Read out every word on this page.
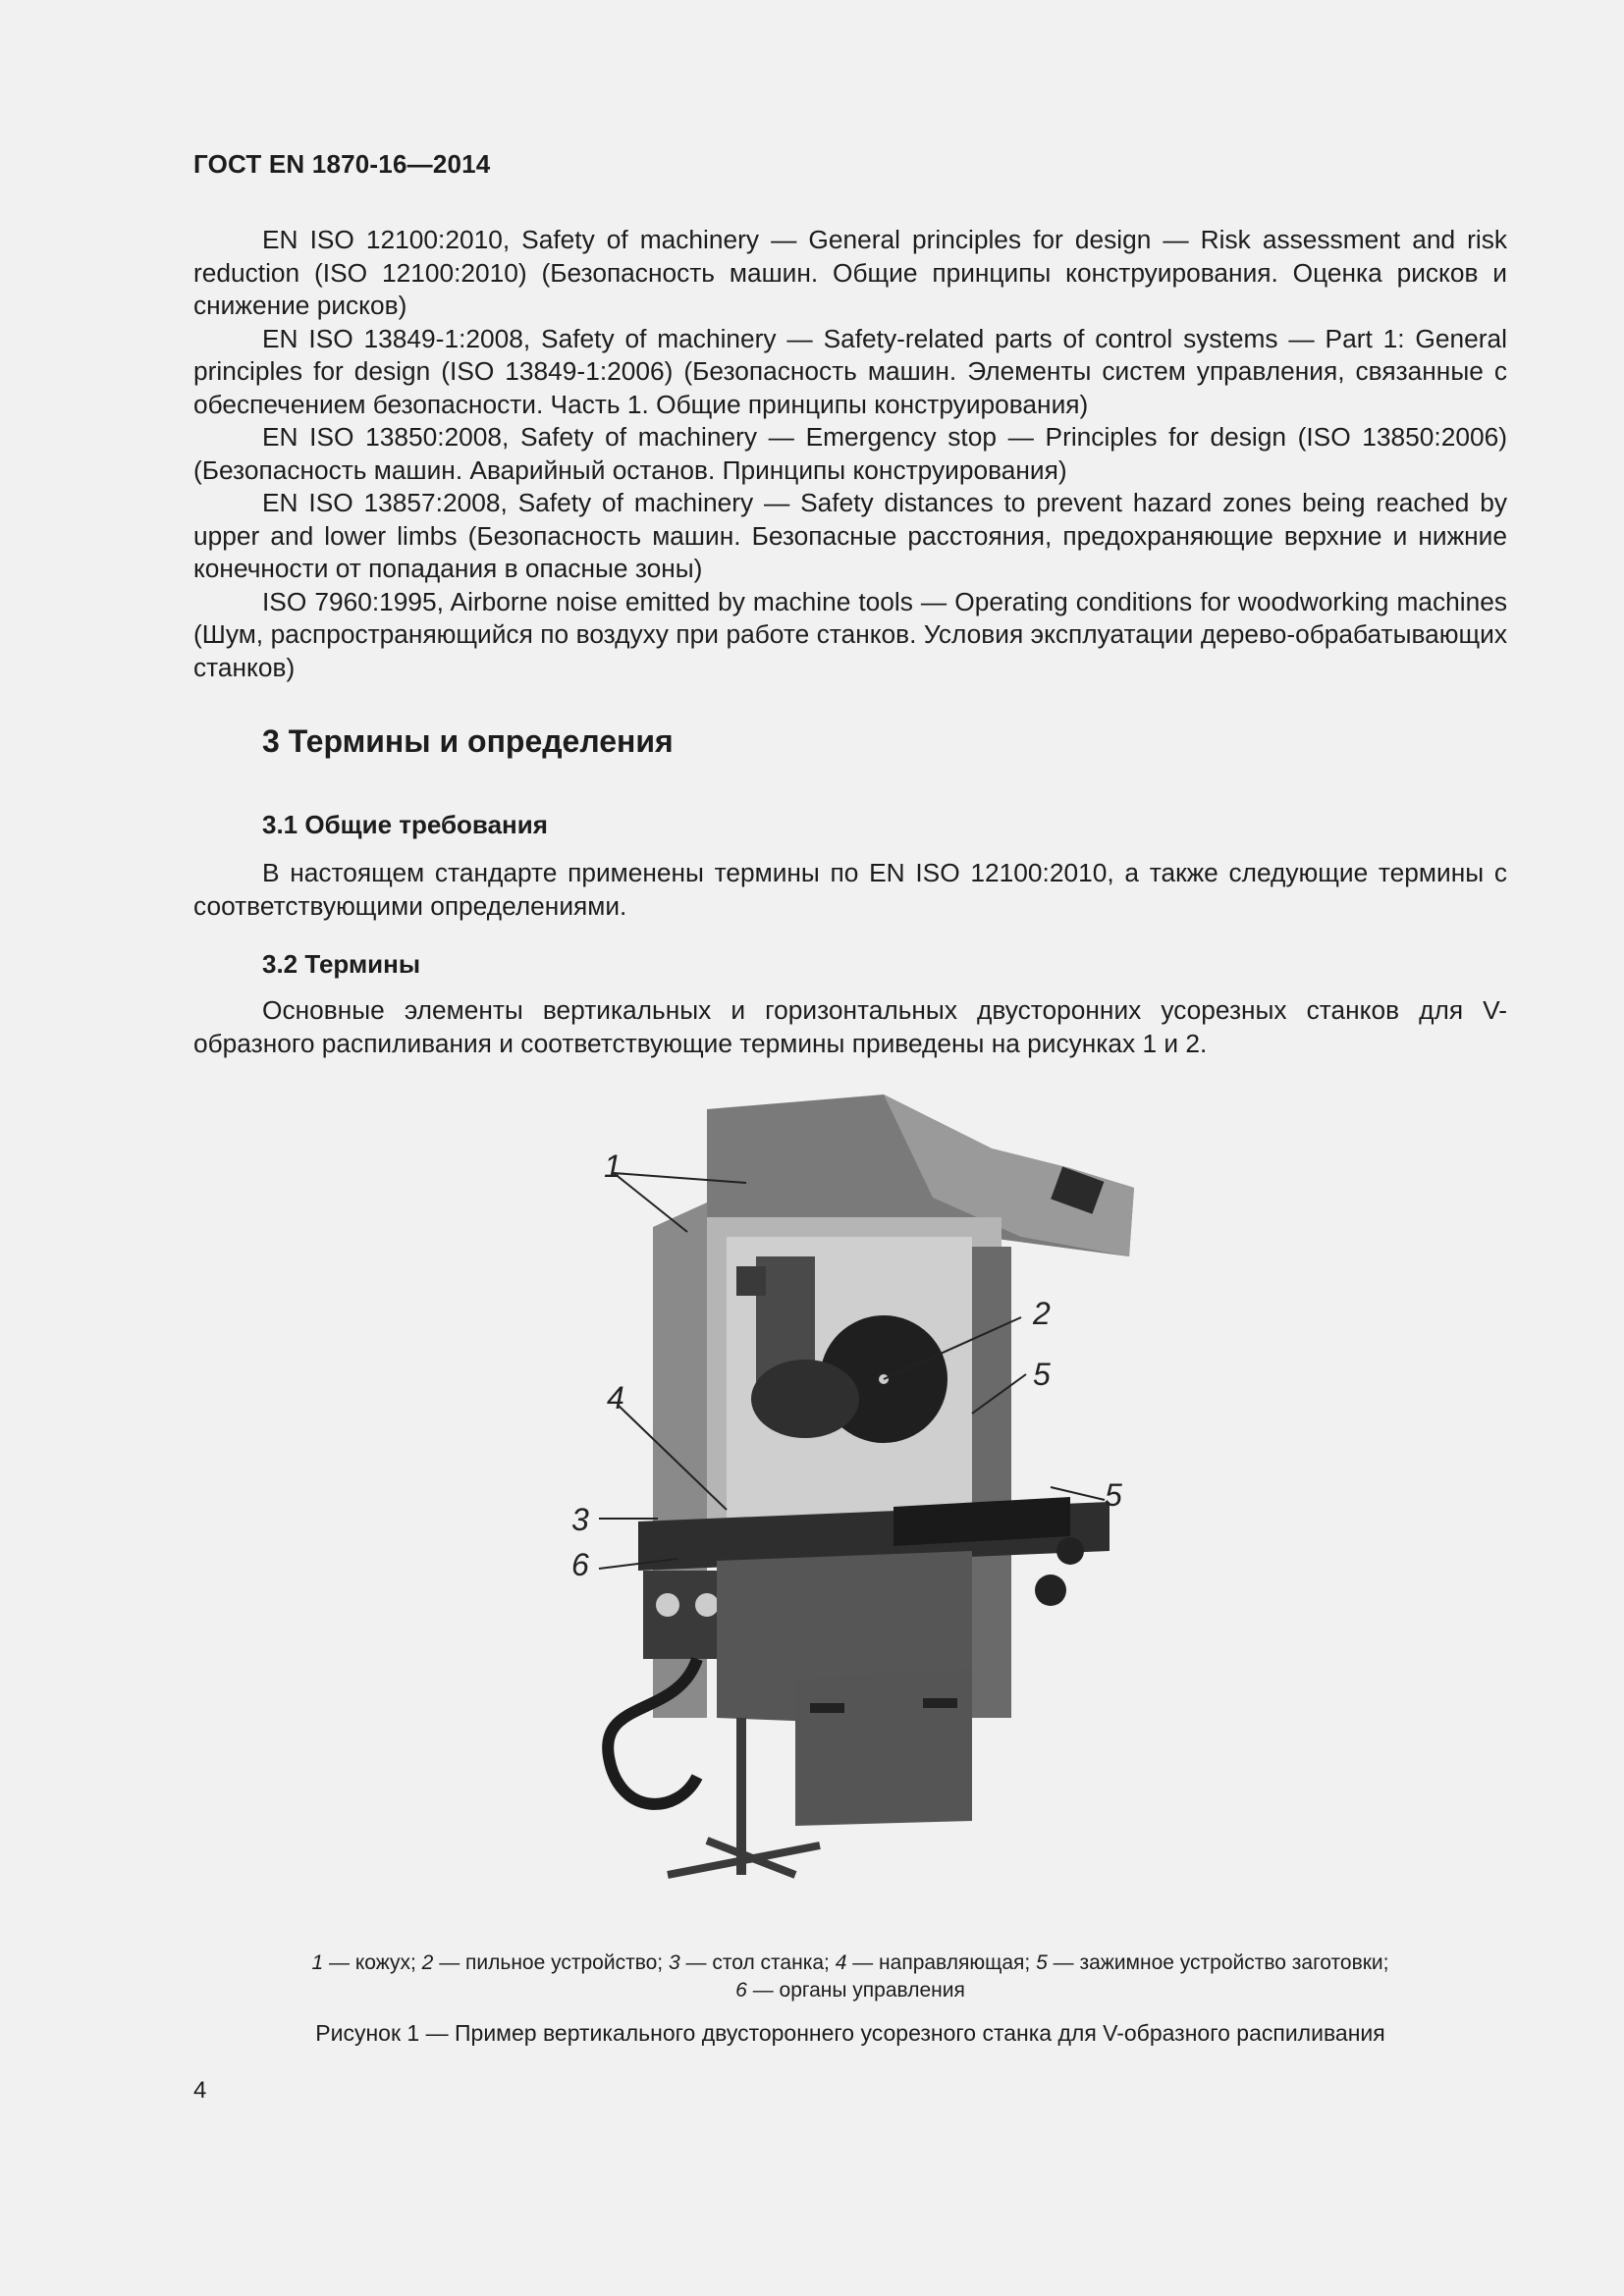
ГОСТ EN 1870-16—2014

EN ISO 12100:2010, Safety of machinery — General principles for design — Risk assessment and risk reduction (ISO 12100:2010) (Безопасность машин. Общие принципы конструирования. Оценка рисков и снижение рисков)

EN ISO 13849-1:2008, Safety of machinery — Safety-related parts of control systems — Part 1: General principles for design (ISO 13849-1:2006) (Безопасность машин. Элементы систем управления, связанные с обеспечением безопасности. Часть 1. Общие принципы конструирования)

EN ISO 13850:2008, Safety of machinery — Emergency stop — Principles for design (ISO 13850:2006) (Безопасность машин. Аварийный останов. Принципы конструирования)

EN ISO 13857:2008, Safety of machinery — Safety distances to prevent hazard zones being reached by upper and lower limbs (Безопасность машин. Безопасные расстояния, предохраняющие верхние и нижние конечности от попадания в опасные зоны)

ISO 7960:1995, Airborne noise emitted by machine tools — Operating conditions for woodworking machines (Шум, распространяющийся по воздуху при работе станков. Условия эксплуатации дерево-обрабатывающих станков)

3 Термины и определения
3.1 Общие требования

В настоящем стандарте применены термины по EN ISO 12100:2010, а также следующие термины с соответствующими определениями.

3.2 Термины

Основные элементы вертикальных и горизонтальных двусторонних усорезных станков для V-образного распиливания и соответствующие термины приведены на рисунках 1 и 2.

1
2
5
4
3
6
5
1 — кожух; 2 — пильное устройство; 3 — стол станка; 4 — направляющая; 5 — зажимное устройство заготовки;
6 — органы управления
Рисунок 1 — Пример вертикального двустороннего усорезного станка для V-образного распиливания
4
